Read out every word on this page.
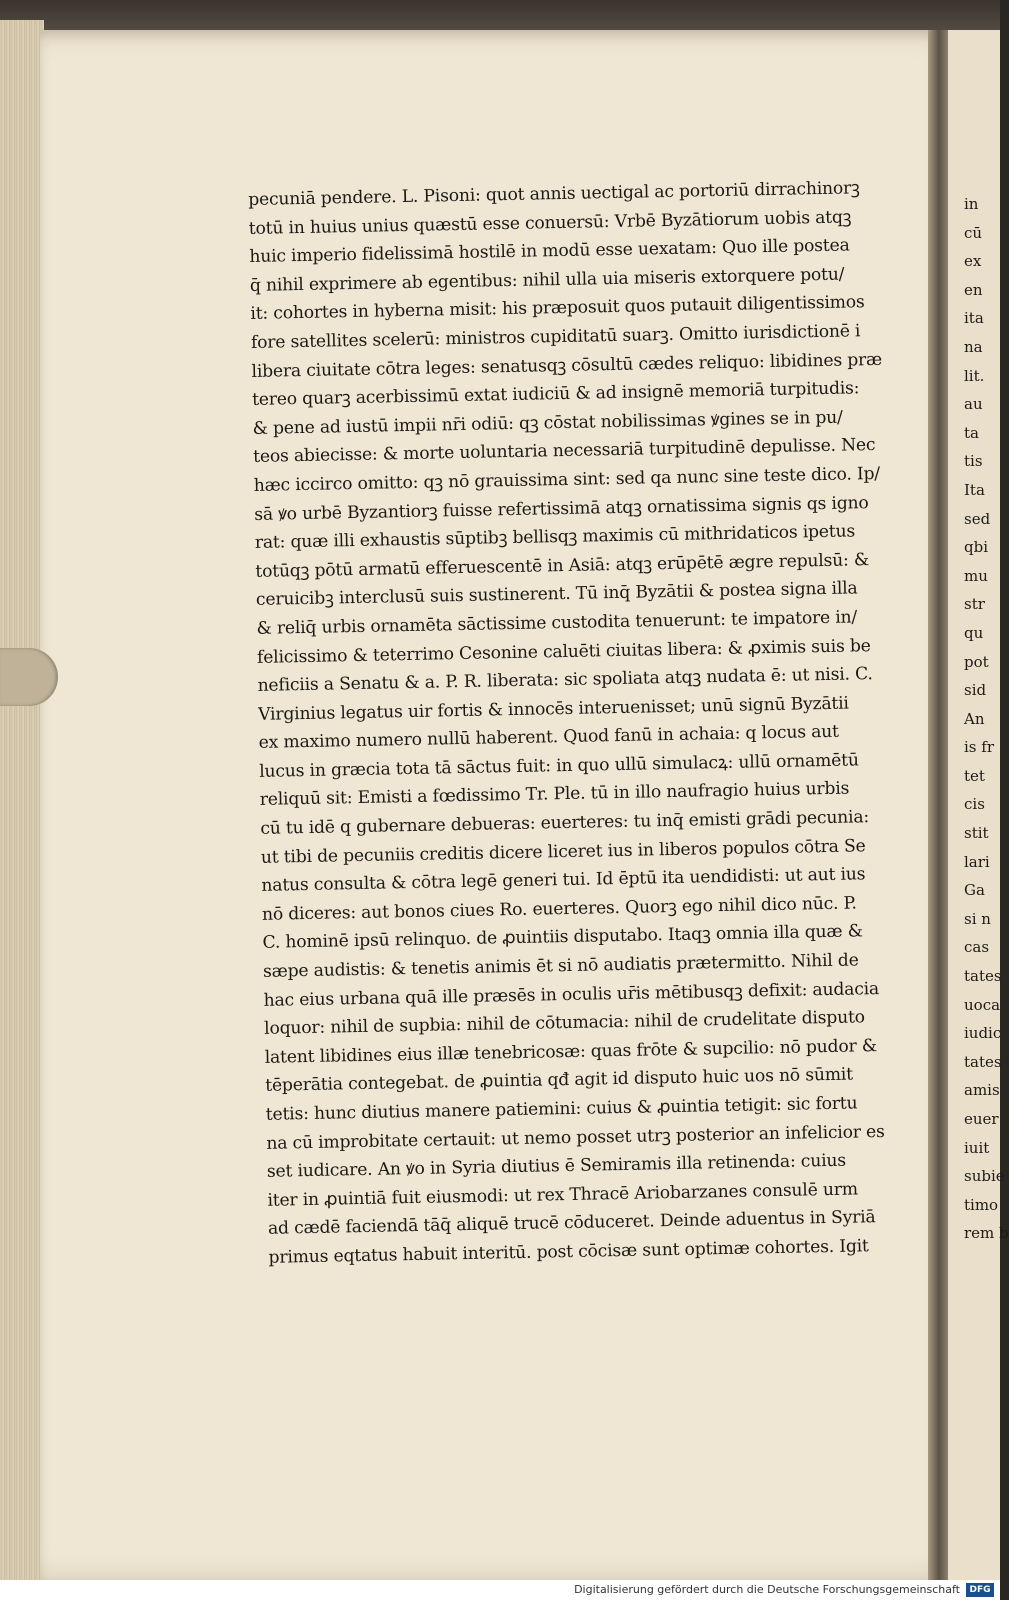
in
cū
ex
en
ita
na
lit.
au
ta
tis
Ita
sed
qbi
mu
str
qu
pot
sid
An
is fr
tet
cis
stit
lari
Ga
si n
cas
tates
uoca
iudic
tates
amis
euer
iuit
subie
timo
rem b
pecuniā pendere. L. Pisoni: quot annis uectigal ac portoriū dirrachinorꝫ
totū in huius unius quæstū esse conuersū: Vrbē Byzātiorum uobis atqꝫ
huic imperio fidelissimā hostilē in modū esse uexatam: Quo ille postea
q̄ nihil exprimere ab egentibus: nihil ulla uia miseris extorquere potu/
it: cohortes in hyberna misit: his præposuit quos putauit diligentissimos
fore satellites scelerū: ministros cupiditatū suarꝫ. Omitto iurisdictionē i
libera ciuitate cōtra leges: senatusqꝫ cōsultū cædes reliquo: libidines præ
tereo quarꝫ acerbissimū extat iudiciū & ad insignē memoriā turpitudis:
& pene ad iustū impii nr̄i odiū: qꝫ cōstat nobilissimas ꝟgines se in pu/
teos abiecisse: & morte uoluntaria necessariā turpitudinē depulisse. Nec
hæc iccirco omitto: qꝫ nō grauissima sint: sed qa nunc sine teste dico. Ip/
sā ꝟo urbē Byzantiorꝫ fuisse refertissimā atqꝫ ornatissima signis qs igno
rat: quæ illi exhaustis sūptibꝫ bellisqꝫ maximis cū mithridaticos ipetus
totūqꝫ pōtū armatū efferuescentē in Asiā: atqꝫ erūpētē ægre repulsū: &
ceruicibꝫ interclusū suis sustinerent. Tū inq̄ Byzātii & postea signa illa
& reliq̄ urbis ornamēta sāctissime custodita tenuerunt: te impatore in/
felicissimo & teterrimo Cesonine caluēti ciuitas libera: & ꝓximis suis be
neficiis a Senatu & a. P. R. liberata: sic spoliata atqꝫ nudata ē: ut nisi. C.
Virginius legatus uir fortis & innocēs interuenisset; unū signū Byzātii
ex maximo numero nullū haberent. Quod fanū in achaia: q locus aut
lucus in græcia tota tā sāctus fuit: in quo ullū simulacꝝ: ullū ornamētū
reliquū sit: Emisti a fœdissimo Tr. Ple. tū in illo naufragio huius urbis
cū tu idē q gubernare debueras: euerteres: tu inq̄ emisti grādi pecunia:
ut tibi de pecuniis creditis dicere liceret ius in liberos populos cōtra Se
natus consulta & cōtra legē generi tui. Id ēptū ita uendidisti: ut aut ius
nō diceres: aut bonos ciues Ro. euerteres. Quorꝫ ego nihil dico nūc. P.
C. hominē ipsū relinquo. de ꝓuintiis disputabo. Itaqꝫ omnia illa quæ &
sæpe audistis: & tenetis animis ēt si nō audiatis prætermitto. Nihil de
hac eius urbana quā ille præsēs in oculis ur̄is mētibusqꝫ defixit: audacia
loquor: nihil de supbia: nihil de cōtumacia: nihil de crudelitate disputo
latent libidines eius illæ tenebricosæ: quas frōte & supcilio: nō pudor &
tēperātia contegebat. de ꝓuintia qđ agit id disputo huic uos nō sūmit
tetis: hunc diutius manere patiemini: cuius & ꝓuintia tetigit: sic fortu
na cū improbitate certauit: ut nemo posset utrꝫ posterior an infelicior es
set iudicare. An ꝟo in Syria diutius ē Semiramis illa retinenda: cuius
iter in ꝓuintiā fuit eiusmodi: ut rex Thracē Ariobarzanes consulē urm
ad cædē faciendā tāq̄ aliquē trucē cōduceret. Deinde aduentus in Syriā
primus eqtatus habuit interitū. post cōcisæ sunt optimæ cohortes. Igit
Digitalisierung gefördert durch die Deutsche Forschungsgemeinschaft	DFG
